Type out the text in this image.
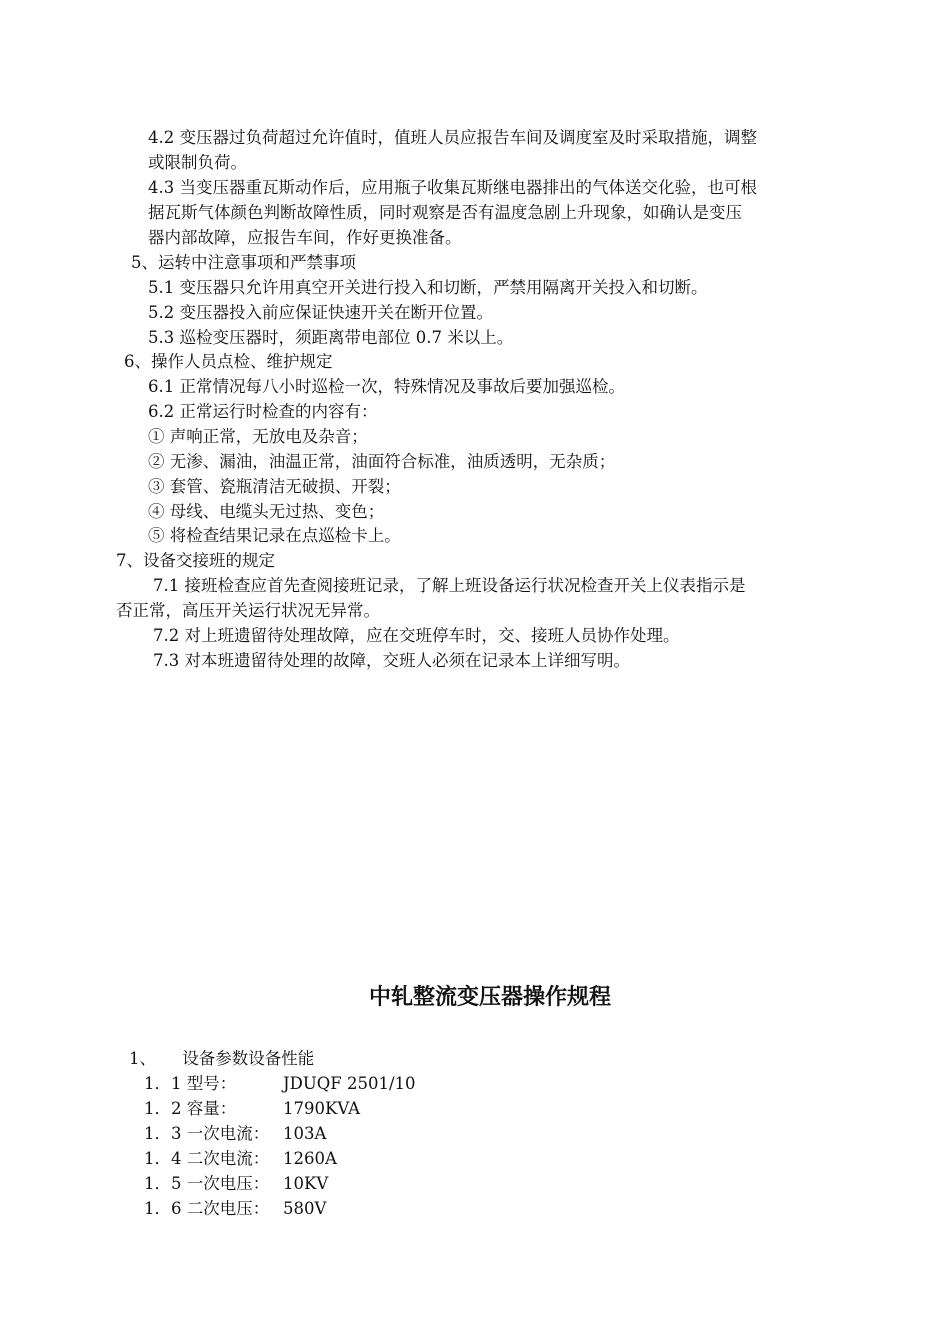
4.2 变压器过负荷超过允许值时，值班人员应报告车间及调度室及时采取措施，调整
或限制负荷。
4.3 当变压器重瓦斯动作后，应用瓶子收集瓦斯继电器排出的气体送交化验，也可根
据瓦斯气体颜色判断故障性质，同时观察是否有温度急剧上升现象，如确认是变压
器内部故障，应报告车间，作好更换准备。
5、运转中注意事项和严禁事项
5.1 变压器只允许用真空开关进行投入和切断，严禁用隔离开关投入和切断。
5.2 变压器投入前应保证快速开关在断开位置。
5.3 巡检变压器时，须距离带电部位 0.7 米以上。
6、操作人员点检、维护规定
6.1 正常情况每八小时巡检一次，特殊情况及事故后要加强巡检。
6.2 正常运行时检查的内容有：
① 声响正常，无放电及杂音；
② 无渗、漏油，油温正常，油面符合标准，油质透明，无杂质；
③ 套管、瓷瓶清洁无破损、开裂；
④ 母线、电缆头无过热、变色；
⑤ 将检查结果记录在点巡检卡上。
7、设备交接班的规定
7.1 接班检查应首先查阅接班记录，了解上班设备运行状况检查开关上仪表指示是
否正常，高压开关运行状况无异常。
7.2 对上班遗留待处理故障，应在交班停车时，交、接班人员协作处理。
7.3 对本班遗留待处理的故障，交班人必须在记录本上详细写明。
中轧整流变压器操作规程
1、     设备参数设备性能
1．1 型号：	JDUQF 2501/10
1．2 容量：	1790KVA
1．3 一次电流： 103A
1．4 二次电流： 1260A
1．5 一次电压： 10KV
1．6 二次电压： 580V
